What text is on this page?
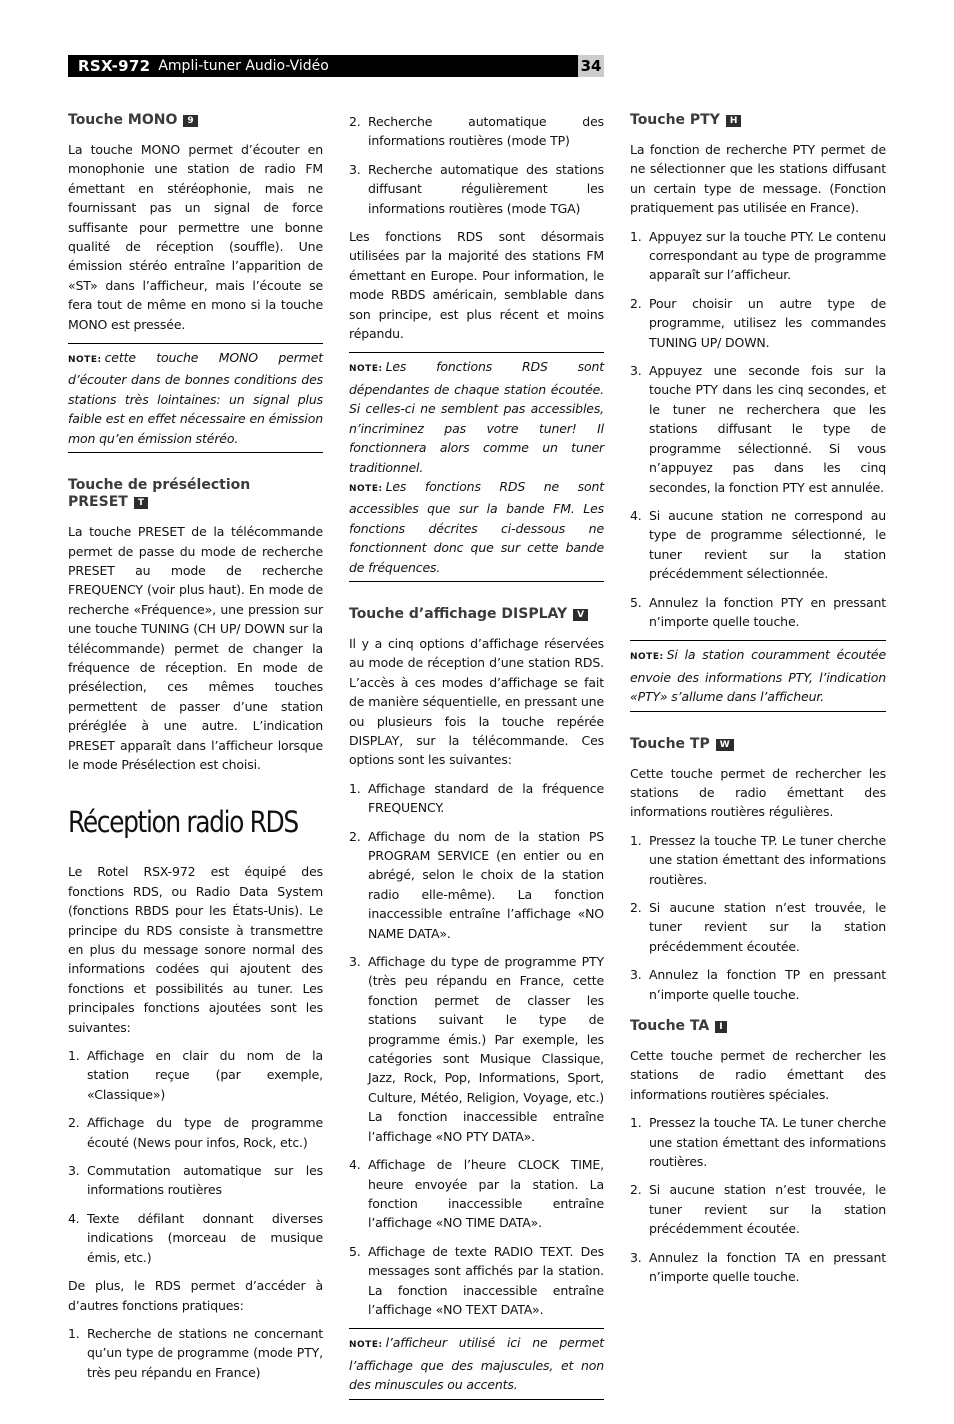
RSX-972 Ampli-tuner Audio-Vidéo	34
Touche MONO 9

La touche MONO permet d’écouter en monophonie une station de radio FM émettant en stéréophonie, mais ne fournissant pas un signal de force suffisante pour permettre une bonne qualité de réception (souffle). Une émission stéréo entraîne l’apparition de «ST» dans l’afficheur, mais l’écoute se fera tout de même en mono si la touche MONO est pressée.

NOTE: cette touche MONO permet d’écouter dans de bonnes conditions des stations très lointaines: un signal plus faible est en effet nécessaire en émission mon qu’en émission stéréo.

Touche de présélection
PRESET T

La touche PRESET de la télécommande permet de passe du mode de recherche PRESET au mode de recherche FREQUENCY (voir plus haut). En mode de recherche «Fréquence», une pression sur une touche TUNING (CH UP/ DOWN sur la télécommande) permet de changer la fréquence de réception. En mode de présélection, ces mêmes touches permettent de passer d’une station préréglée à une autre. L’indication PRESET apparaît dans l’afficheur lorsque le mode Présélection est choisi.

Réception radio RDS

Le Rotel RSX-972 est équipé des fonctions RDS, ou Radio Data System (fonctions RBDS pour les États-Unis). Le principe du RDS consiste à transmettre en plus du message sonore normal des informations codées qui ajoutent des fonctions et possibilités au tuner. Les principales fonctions ajoutées sont les suivantes:

1. Affichage en clair du nom de la station reçue (par exemple, «Classique»)
2. Affichage du type de programme écouté (News pour infos, Rock, etc.)
3. Commutation automatique sur les informations routières
4. Texte défilant donnant diverses indications (morceau de musique émis, etc.)

De plus, le RDS permet d’accéder à d’autres fonctions pratiques:

1. Recherche de stations ne concernant qu’un type de programme (mode PTY, très peu répandu en France)
2. Recherche automatique des informations routières (mode TP)
3. Recherche automatique des stations diffusant régulièrement les informations routières (mode TGA)

Les fonctions RDS sont désormais utilisées par la majorité des stations FM émettant en Europe. Pour information, le mode RBDS américain, semblable dans son principe, est plus récent et moins répandu.

NOTE: Les fonctions RDS sont dépendantes de chaque station écoutée. Si celles-ci ne semblent pas accessibles, n’incriminez pas votre tuner! Il fonctionnera alors comme un tuner traditionnel.

NOTE: Les fonctions RDS ne sont accessibles que sur la bande FM. Les fonctions décrites ci-dessous ne fonctionnent donc que sur cette bande de fréquences.

Touche d’affichage DISPLAY V

Il y a cinq options d’affichage réservées au mode de réception d’une station RDS. L’accès à ces modes d’affichage se fait de manière séquentielle, en pressant une ou plusieurs fois la touche repérée DISPLAY, sur la télécommande. Ces options sont les suivantes:

1. Affichage standard de la fréquence FREQUENCY.
2. Affichage du nom de la station PS PROGRAM SERVICE (en entier ou en abrégé, selon le choix de la station radio elle-même). La fonction inaccessible entraîne l’affichage «NO NAME DATA».
3. Affichage du type de programme PTY (très peu répandu en France, cette fonction permet de classer les stations suivant le type de programme émis.) Par exemple, les catégories sont Musique Classique, Jazz, Rock, Pop, Informations, Sport, Culture, Météo, Religion, Voyage, etc.) La fonction inaccessible entraîne l’affichage «NO PTY DATA».
4. Affichage de l’heure CLOCK TIME, heure envoyée par la station. La fonction inaccessible entraîne l’affichage «NO TIME DATA».
5. Affichage de texte RADIO TEXT. Des messages sont affichés par la station. La fonction inaccessible entraîne l’affichage «NO TEXT DATA».

NOTE: l’afficheur utilisé ici ne permet l’affichage que des majuscules, et non des minuscules ou accents.

Touche PTY H

La fonction de recherche PTY permet de ne sélectionner que les stations diffusant un certain type de message. (Fonction pratiquement pas utilisée en France).

1. Appuyez sur la touche PTY. Le contenu correspondant au type de programme apparaît sur l’afficheur.
2. Pour choisir un autre type de programme, utilisez les commandes TUNING UP/ DOWN.
3. Appuyez une seconde fois sur la touche PTY dans les cinq secondes, et le tuner ne recherchera que les stations diffusant le type de programme sélectionné. Si vous n’appuyez pas dans les cinq secondes, la fonction PTY est annulée.
4. Si aucune station ne correspond au type de programme sélectionné, le tuner revient sur la station précédemment sélectionnée.
5. Annulez la fonction PTY en pressant n’importe quelle touche.

NOTE: Si la station couramment écoutée envoie des informations PTY, l’indication «PTY» s’allume dans l’afficheur.

Touche TP W

Cette touche permet de rechercher les stations de radio émettant des informations routières régulières.

1. Pressez la touche TP. Le tuner cherche une station émettant des informations routières.
2. Si aucune station n’est trouvée, le tuner revient sur la station précédemment écoutée.
3. Annulez la fonction TP en pressant n’importe quelle touche.
Touche TA I

Cette touche permet de rechercher les stations de radio émettant des informations routières spéciales.

1. Pressez la touche TA. Le tuner cherche une station émettant des informations routières.
2. Si aucune station n’est trouvée, le tuner revient sur la station précédemment écoutée.
3. Annulez la fonction TA en pressant n’importe quelle touche.
